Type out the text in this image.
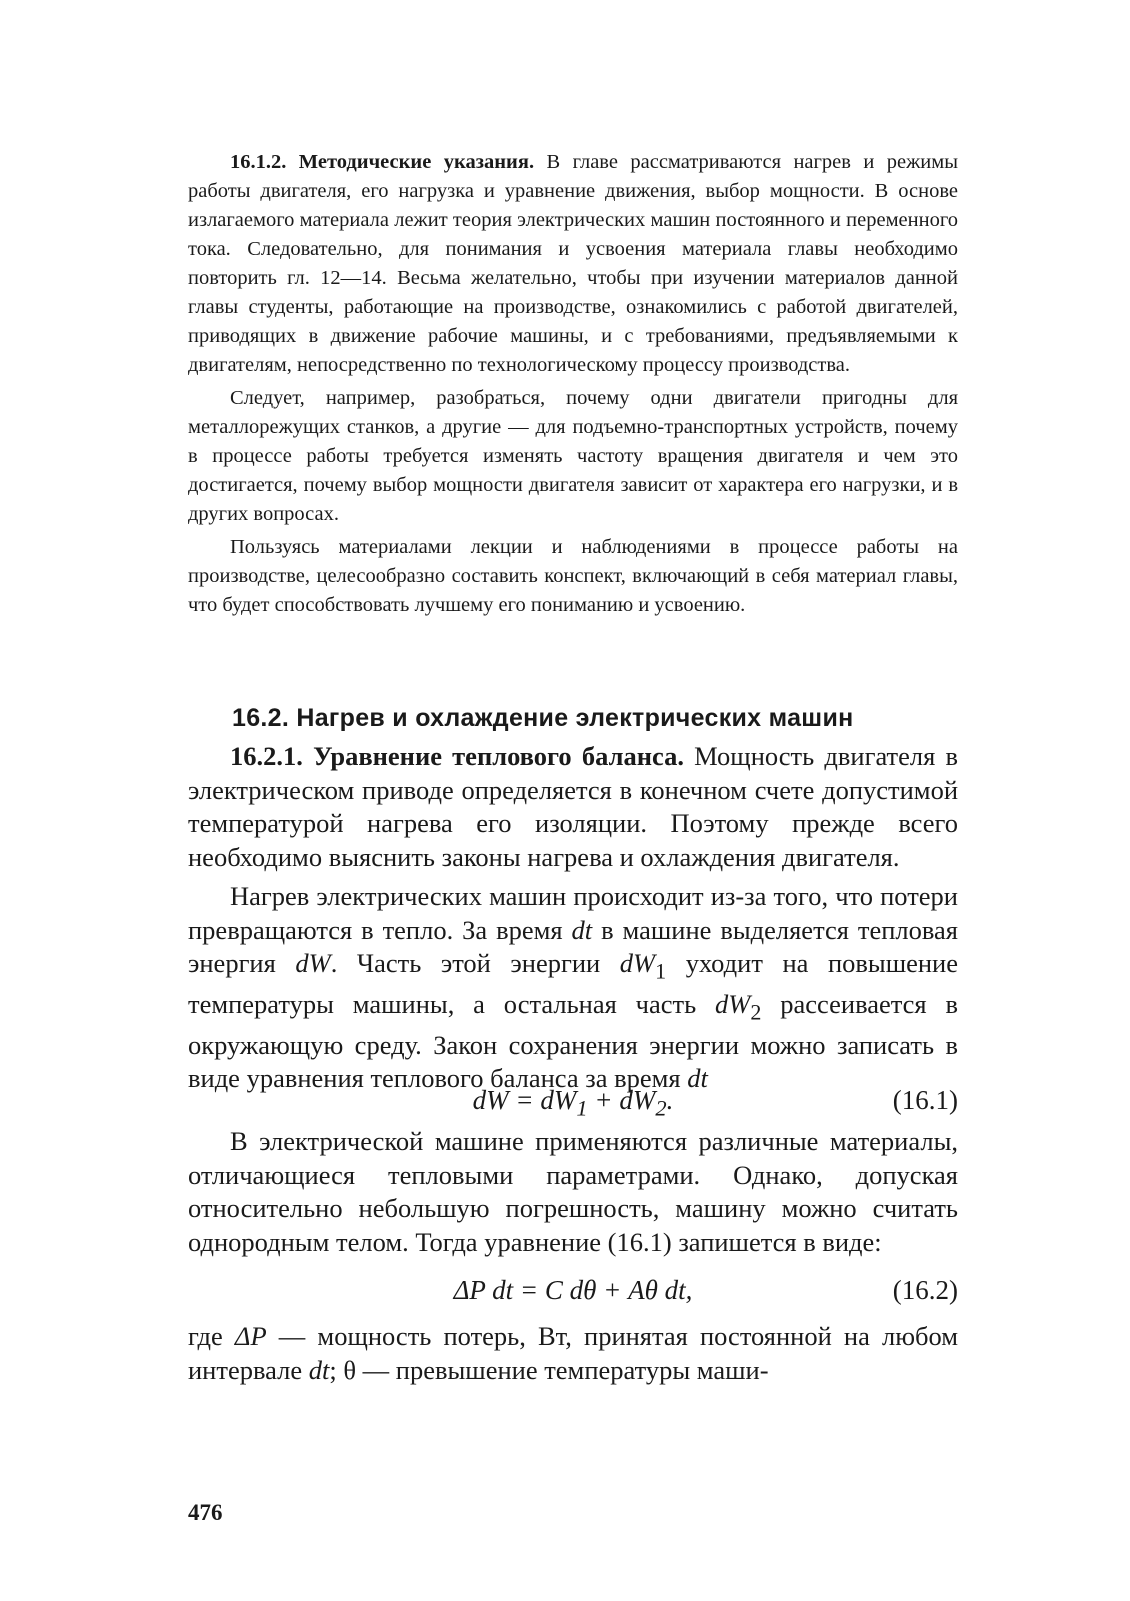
16.1.2. Методические указания. В главе рассматриваются нагрев и режимы работы двигателя, его нагрузка и уравнение движения, выбор мощности. В основе излагаемого материала лежит теория электрических машин постоянного и переменного тока. Следовательно, для понимания и усвоения материала главы необходимо повторить гл. 12—14. Весьма желательно, чтобы при изучении материалов данной главы студенты, работающие на производстве, ознакомились с работой двигателей, приводящих в движение рабочие машины, и с требованиями, предъявляемыми к двигателям, непосредственно по технологическому процессу производства.

Следует, например, разобраться, почему одни двигатели пригодны для металлорежущих станков, а другие — для подъемно-транспортных устройств, почему в процессе работы требуется изменять частоту вращения двигателя и чем это достигается, почему выбор мощности двигателя зависит от характера его нагрузки, и в других вопросах.

Пользуясь материалами лекции и наблюдениями в процессе работы на производстве, целесообразно составить конспект, включающий в себя материал главы, что будет способствовать лучшему его пониманию и усвоению.

16.2. Нагрев и охлаждение электрических машин

16.2.1. Уравнение теплового баланса. Мощность двигателя в электрическом приводе определяется в конечном счете допустимой температурой нагрева его изоляции. Поэтому прежде всего необходимо выяснить законы нагрева и охлаждения двигателя.

Нагрев электрических машин происходит из-за того, что потери превращаются в тепло. За время dt в машине выделяется тепловая энергия dW. Часть этой энергии $dW_1$ уходит на повышение температуры машины, а остальная часть $dW_2$ рассеивается в окружающую среду. Закон сохранения энергии можно записать в виде уравнения теплового баланса за время dt

dW = $dW_1 + dW_2$.	(16.1)

В электрической машине применяются различные материалы, отличающиеся тепловыми параметрами. Однако, допуская относительно небольшую погрешность, машину можно считать однородным телом. Тогда уравнение (16.1) запишется в виде:

ΔP dt = C dθ + Aθ dt,	(16.2)

где ΔP — мощность потерь, Вт, принятая постоянной на любом интервале dt; θ — превышение температуры маши-

476
